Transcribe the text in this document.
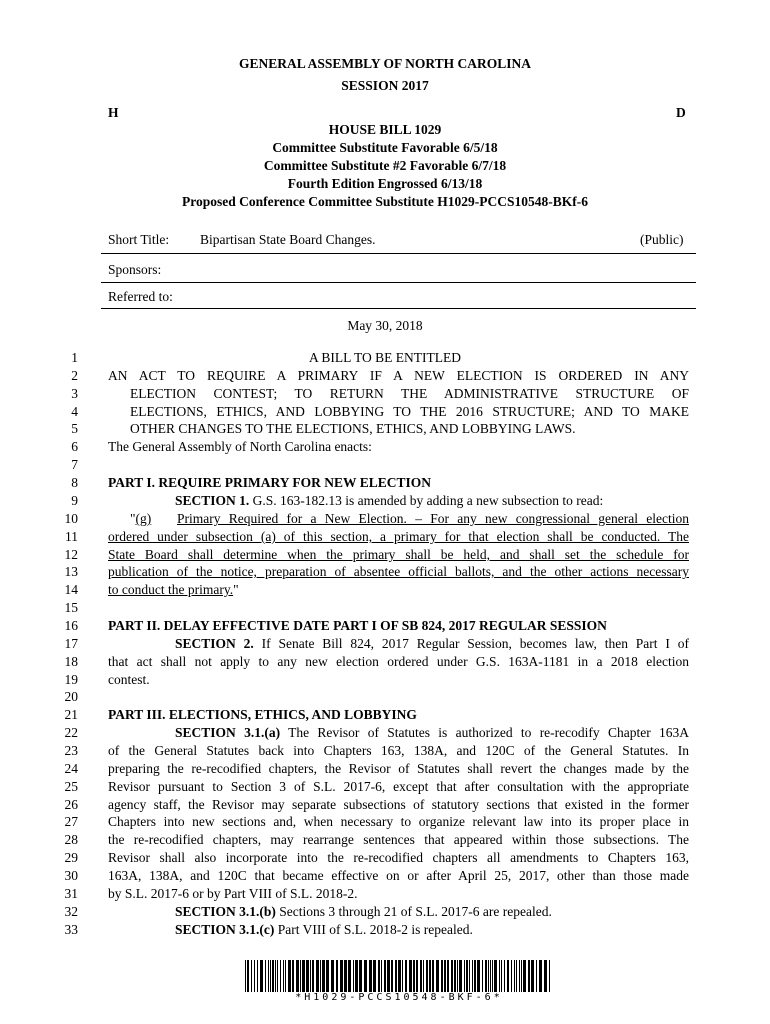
GENERAL ASSEMBLY OF NORTH CAROLINA
SESSION 2017
H	D
HOUSE BILL 1029
Committee Substitute Favorable 6/5/18
Committee Substitute #2 Favorable 6/7/18
Fourth Edition Engrossed 6/13/18
Proposed Conference Committee Substitute H1029-PCCS10548-BKf-6
Short Title: Bipartisan State Board Changes.	(Public)
Sponsors:
Referred to:
May 30, 2018
1
2
3
4
5
6
7
8
9
10
11
12
13
14
15
16
17
18
19
20
21
22
23
24
25
26
27
28
29
30
31
32
33
A BILL TO BE ENTITLED
AN ACT TO REQUIRE A PRIMARY IF A NEW ELECTION IS ORDERED IN ANY
ELECTION CONTEST; TO RETURN THE ADMINISTRATIVE STRUCTURE OF
ELECTIONS, ETHICS, AND LOBBYING TO THE 2016 STRUCTURE; AND TO MAKE
OTHER CHANGES TO THE ELECTIONS, ETHICS, AND LOBBYING LAWS.
The General Assembly of North Carolina enacts:
PART I. REQUIRE PRIMARY FOR NEW ELECTION
SECTION 1. G.S. 163-182.13 is amended by adding a new subsection to read:
"(g) Primary Required for a New Election. – For any new congressional general election
ordered under subsection (a) of this section, a primary for that election shall be conducted. The
State Board shall determine when the primary shall be held, and shall set the schedule for
publication of the notice, preparation of absentee official ballots, and the other actions necessary
to conduct the primary."
PART II. DELAY EFFECTIVE DATE PART I OF SB 824, 2017 REGULAR SESSION
SECTION 2. If Senate Bill 824, 2017 Regular Session, becomes law, then Part I of
that act shall not apply to any new election ordered under G.S. 163A-1181 in a 2018 election
contest.
PART III. ELECTIONS, ETHICS, AND LOBBYING
SECTION 3.1.(a) The Revisor of Statutes is authorized to re-recodify Chapter 163A
of the General Statutes back into Chapters 163, 138A, and 120C of the General Statutes. In
preparing the re-recodified chapters, the Revisor of Statutes shall revert the changes made by the
Revisor pursuant to Section 3 of S.L. 2017-6, except that after consultation with the appropriate
agency staff, the Revisor may separate subsections of statutory sections that existed in the former
Chapters into new sections and, when necessary to organize relevant law into its proper place in
the re-recodified chapters, may rearrange sentences that appeared within those subsections. The
Revisor shall also incorporate into the re-recodified chapters all amendments to Chapters 163,
163A, 138A, and 120C that became effective on or after April 25, 2017, other than those made
by S.L. 2017-6 or by Part VIII of S.L. 2018-2.
SECTION 3.1.(b) Sections 3 through 21 of S.L. 2017-6 are repealed.
SECTION 3.1.(c) Part VIII of S.L. 2018-2 is repealed.
*H1029-PCCS10548-BKF-6*
